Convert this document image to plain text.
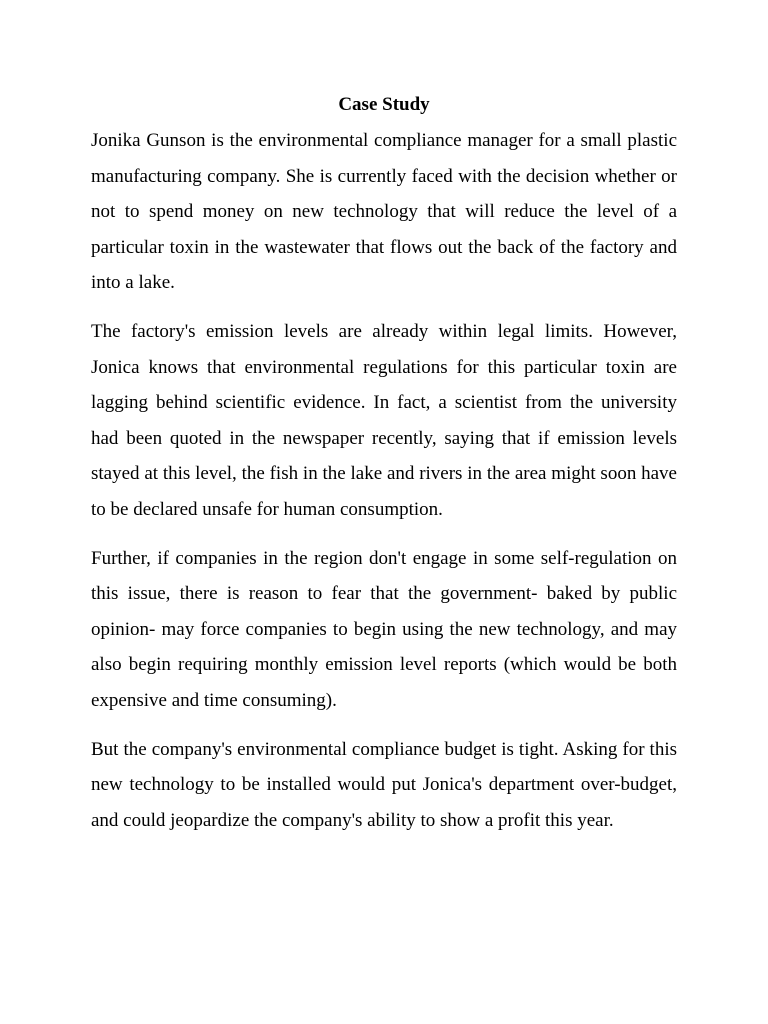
Case Study

Jonika Gunson is the environmental compliance manager for a small plastic manufacturing company. She is currently faced with the decision whether or not to spend money on new technology that will reduce the level of a particular toxin in the wastewater that flows out the back of the factory and into a lake.

The factory's emission levels are already within legal limits. However, Jonica knows that environmental regulations for this particular toxin are lagging behind scientific evidence. In fact, a scientist from the university had been quoted in the newspaper recently, saying that if emission levels stayed at this level, the fish in the lake and rivers in the area might soon have to be declared unsafe for human consumption.

Further, if companies in the region don't engage in some self-regulation on this issue, there is reason to fear that the government- baked by public opinion- may force companies to begin using the new technology, and may also begin requiring monthly emission level reports (which would be both expensive and time consuming).

But the company's environmental compliance budget is tight. Asking for this new technology to be installed would put Jonica's department over-budget, and could jeopardize the company's ability to show a profit this year.
